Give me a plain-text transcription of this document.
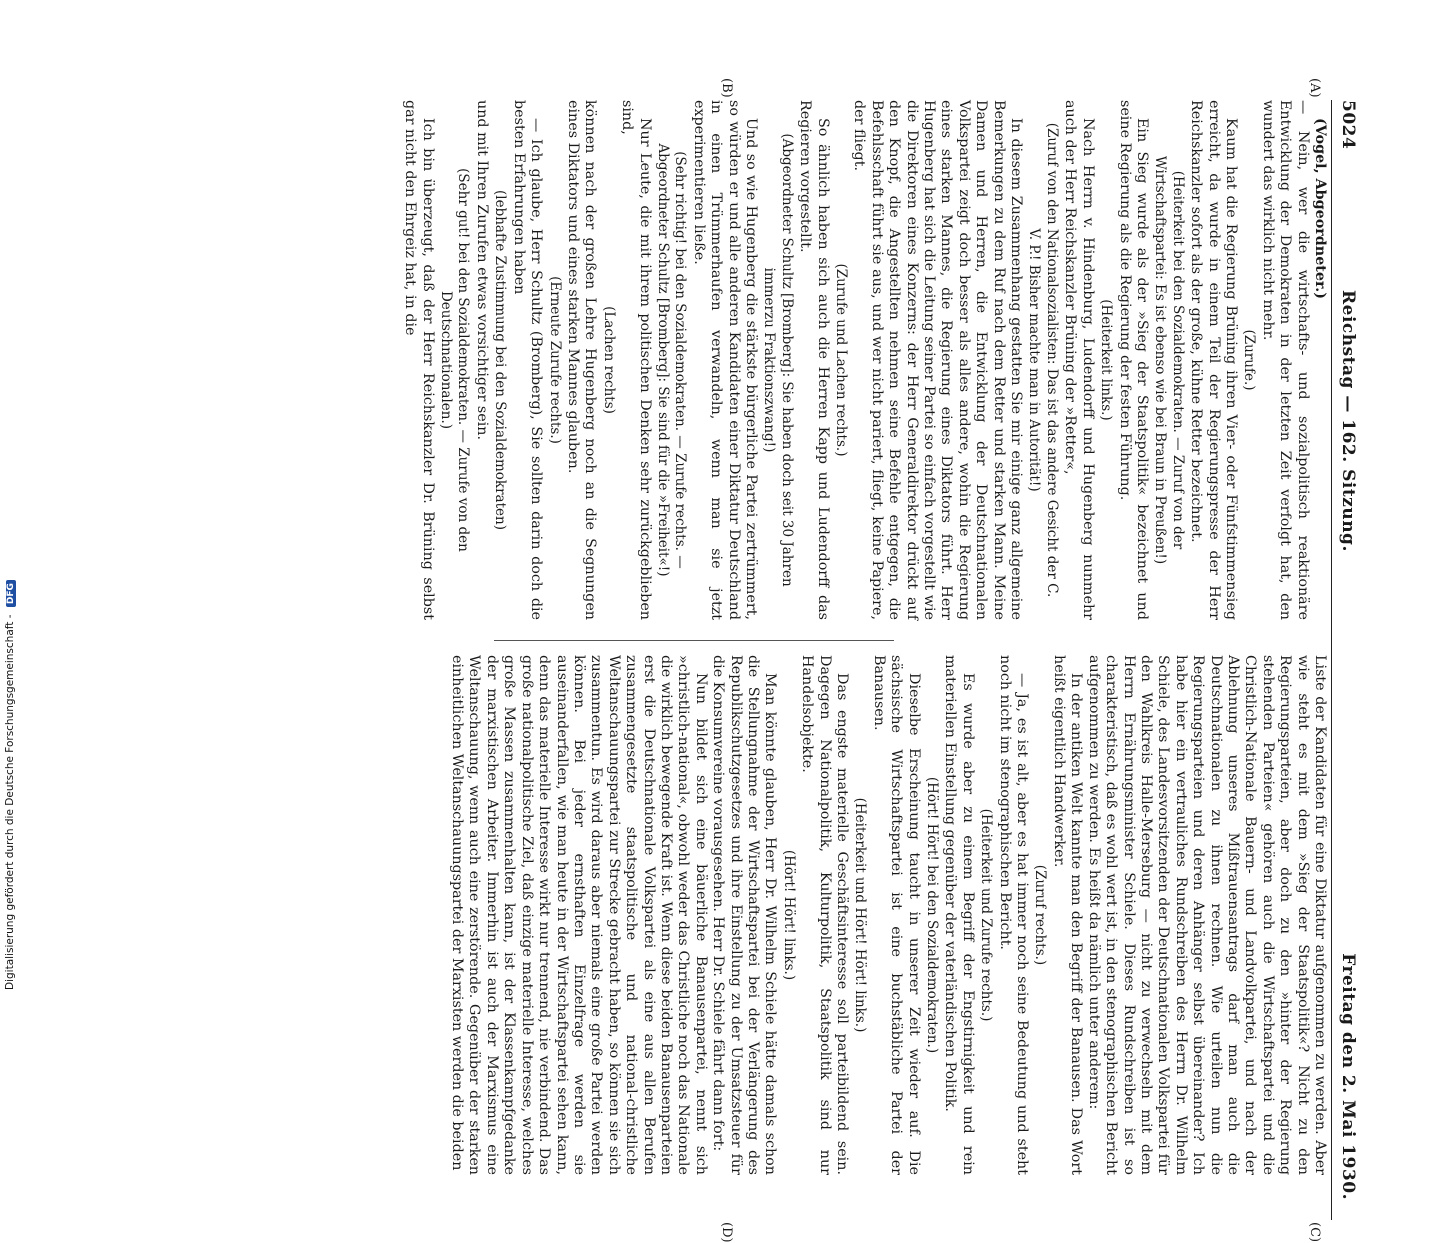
5024
Reichstag — 162. Sitzung.
Freitag den 2. Mai 1930.
(A)
(B)
(C)
(D)

(Vogel, Abgeordneter.)
— Nein, wer die wirtschafts- und sozialpolitisch reaktionäre Entwicklung der Demokraten in der letzten Zeit verfolgt hat, den wundert das wirklich nicht mehr.

(Zurufe.)

Kaum hat die Regierung Brüning ihren Vier- oder Fünfstimmensieg erreicht, da wurde in einem Teil der Regierungspresse der Herr Reichskanzler sofort als der große, kühne Retter bezeichnet.

(Heiterkeit bei den Sozialdemokraten. — Zuruf von der Wirtschaftspartei: Es ist ebenso wie bei Braun in Preußen!)

Ein Sieg wurde als der »Sieg der Staatspolitik« bezeichnet und seine Regierung als die Regierung der festen Führung.

(Heiterkeit links.)

Nach Herrn v. Hindenburg, Ludendorff und Hugenberg nunmehr auch der Herr Reichskanzler Brüning der »Retter«,

(Zuruf von den Nationalsozialisten: Das ist das andere Gesicht der C. V. P.! Bisher machte man in Autorität!)

In diesem Zusammenhang gestatten Sie mir einige ganz allgemeine Bemerkungen zu dem Ruf nach dem Retter und starken Mann. Meine Damen und Herren, die Entwicklung der Deutschnationalen Volkspartei zeigt doch besser als alles andere, wohin die Regierung eines starken Mannes, die Regierung eines Diktators führt. Herr Hugenberg hat sich die Leitung seiner Partei so einfach vorgestellt wie die Direktoren eines Konzerns: der Herr Generaldirektor drückt auf den Knopf, die Angestellten nehmen seine Befehle entgegen, die Befehlsschaft führt sie aus, und wer nicht pariert, fliegt, keine Papiere, der fliegt.

(Zurufe und Lachen rechts.)

So ähnlich haben sich auch die Herren Kapp und Ludendorff das Regieren vorgestellt.

(Abgeordneter Schultz [Bromberg]: Sie haben doch seit 30 Jahren immerzu Fraktionszwang!)

Und so wie Hugenberg die stärkste bürgerliche Partei zertrümmert, so würden er und alle anderen Kandidaten einer Diktatur Deutschland in einen Trümmerhaufen verwandeln, wenn man sie jetzt experimentieren ließe.

(Sehr richtig! bei den Sozialdemokraten. — Zurufe rechts. — Abgeordneter Schultz [Bromberg]: Sie sind für die »Freiheit«!)

Nur Leute, die mit ihrem politischen Denken sehr zurückgeblieben sind,

(Lachen rechts)

können nach der großen Lehre Hugenberg noch an die Segnungen eines Diktators und eines starken Mannes glauben.

(Erneute Zurufe rechts.)

— Ich glaube, Herr Schultz (Bromberg), Sie sollten darin doch die besten Erfahrungen haben

(lebhafte Zustimmung bei den Sozialdemokraten)

und mit Ihren Zurufen etwas vorsichtiger sein.

(Sehr gut! bei den Sozialdemokraten. — Zurufe von den Deutschnationalen.)

Ich bin überzeugt, daß der Herr Reichskanzler Dr. Brüning selbst gar nicht den Ehrgeiz hat, in die

Liste der Kandidaten für eine Diktatur aufgenommen zu werden. Aber wie steht es mit dem »Sieg der Staatspolitik«? Nicht zu den Regierungsparteien, aber doch zu den »hinter der Regierung stehenden Parteien« gehören auch die Wirtschaftspartei und die Christlich-Nationale Bauern- und Landvolkpartei, und nach der Ablehnung unseres Mißtrauensantrags darf man auch die Deutschnationalen zu ihnen rechnen. Wie urteilen nun die Regierungsparteien und deren Anhänger selbst übereinander? Ich habe hier ein vertrauliches Rundschreiben des Herrn Dr. Wilhelm Schiele, des Landesvorsitzenden der Deutschnationalen Volkspartei für den Wahlkreis Halle-Merseburg — nicht zu verwechseln mit dem Herrn Ernährungsminister Schiele. Dieses Rundschreiben ist so charakteristisch, daß es wohl wert ist, in den stenographischen Bericht aufgenommen zu werden. Es heißt da nämlich unter anderem:

In der antiken Welt kannte man den Begriff der Banausen. Das Wort heißt eigentlich Handwerker.

(Zuruf rechts.)

— Ja, es ist alt, aber es hat immer noch seine Bedeutung und steht noch nicht im stenographischen Bericht.

(Heiterkeit und Zurufe rechts.)

Es wurde aber zu einem Begriff der Engstirnigkeit und rein materiellen Einstellung gegenüber der vaterländischen Politik.

(Hört! Hört! bei den Sozialdemokraten.)

Dieselbe Erscheinung taucht in unserer Zeit wieder auf. Die sächsische Wirtschaftspartei ist eine buchstäbliche Partei der Banausen.

(Heiterkeit und Hört! Hört! links.)

Das engste materielle Geschäftsinteresse soll parteibildend sein. Dagegen Nationalpolitik, Kulturpolitik, Staatspolitik sind nur Handelsobjekte.

(Hört! Hört! links.)

Man könnte glauben, Herr Dr. Wilhelm Schiele hätte damals schon die Stellungnahme der Wirtschaftspartei bei der Verlängerung des Republikschutzgesetzes und ihre Einstellung zu der Umsatzsteuer für die Konsumvereine vorausgesehen. Herr Dr. Schiele fährt dann fort:

Nun bildet sich eine bäuerliche Banausenpartei, nennt sich »christlich-national«, obwohl weder das Christliche noch das Nationale die wirklich bewegende Kraft ist. Wenn diese beiden Banausenparteien erst die Deutschnationale Volkspartei als eine aus allen Berufen zusammengesetzte staatspolitische und national-christliche Weltanschauungspartei zur Strecke gebracht haben, so können sie sich zusammentun. Es wird daraus aber niemals eine große Partei werden können. Bei jeder ernsthaften Einzelfrage werden sie auseinanderfallen, wie man heute in der Wirtschaftspartei sehen kann, denn das materielle Interesse wirkt nur trennend, nie verbindend. Das große nationalpolitische Ziel, daß einzige materielle Interesse, welches große Massen zusammenhalten kann, ist der Klassenkampfgedanke der marxistischen Arbeiter. Immerhin ist auch der Marxismus eine Weltanschauung, wenn auch eine zerstörende. Gegenüber der starken einheitlichen Weltanschauungspartei der Marxisten werden die beiden

Digitalisierung gefördert durch die Deutsche Forschungsgemeinschaft - DFG
